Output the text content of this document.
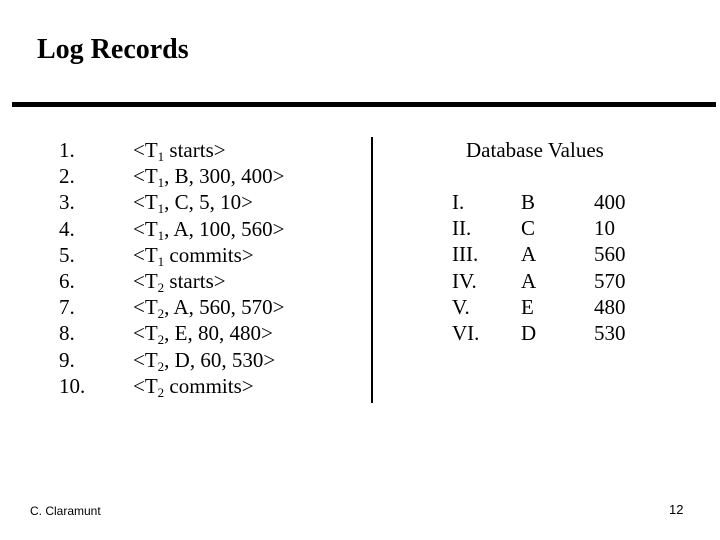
Log Records
1.
2.
3.
4.
5.
6.
7.
8.
9.
10.
$<T_1$ starts>
$<T_1$, B, 300, 400>
$<T_1$, C, 5, 10>
$<T_1$, A, 100, 560>
$<T_1$ commits>
$<T_2$ starts>
$<T_2$, A, 560, 570>
$<T_2$, E, 80, 480>
$<T_2$, D, 60, 530>
$<T_2$ commits>
Database Values
I.
II.
III.
IV.
V.
VI.
B
C
A
A
E
D
400
10
560
570
480
530
C. Claramunt	12
